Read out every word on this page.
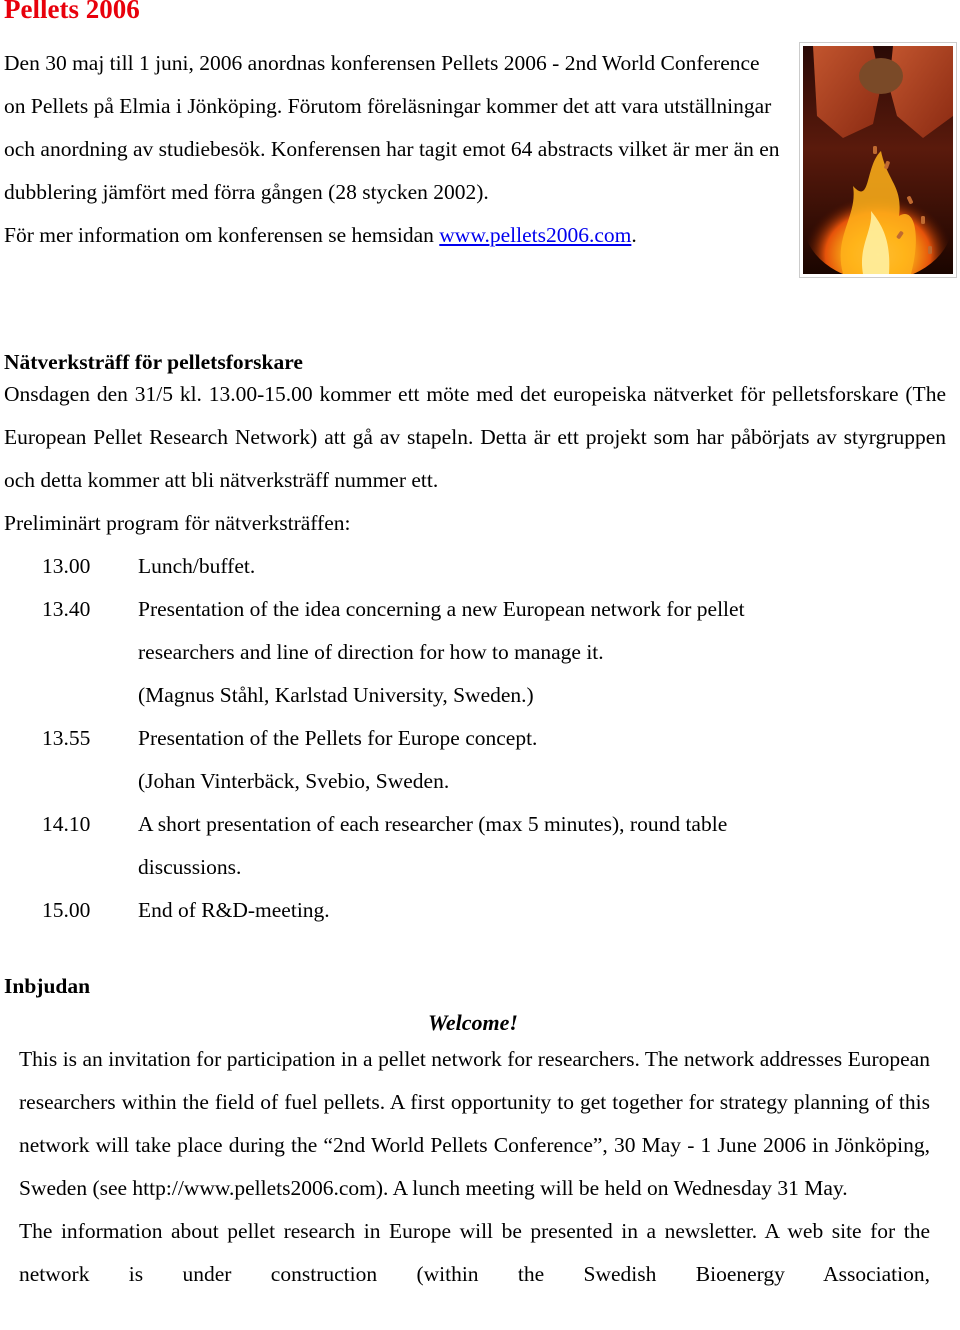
Pellets 2006

Den 30 maj till 1 juni, 2006 anordnas konferensen Pellets 2006 - 2nd World Conference on Pellets på Elmia i Jönköping. Förutom föreläsningar kommer det att vara utställningar och anordning av studiebesök. Konferensen har tagit emot 64 abstracts vilket är mer än en dubblering jämfört med förra gången (28 stycken 2002).

För mer information om konferensen se hemsidan www.pellets2006.com.

Nätverksträff för pelletsforskare

Onsdagen den 31/5 kl. 13.00-15.00 kommer ett möte med det europeiska nätverket för pelletsforskare (The European Pellet Research Network) att gå av stapeln. Detta är ett projekt som har påbörjats av styrgruppen och detta kommer att bli nätverksträff nummer ett.

Preliminärt program för nätverksträffen:

13.00	Lunch/buffet.
13.40	Presentation of the idea concerning a new European network for pellet
researchers and line of direction for how to manage it.
(Magnus Ståhl, Karlstad University, Sweden.)
13.55	Presentation of the Pellets for Europe concept.
(Johan Vinterbäck, Svebio, Sweden.
14.10	A short presentation of each researcher (max 5 minutes), round table
discussions.
15.00	End of R&D-meeting.
Inbjudan
Welcome!

This is an invitation for participation in a pellet network for researchers. The network addresses European researchers within the field of fuel pellets. A first opportunity to get together for strategy planning of this network will take place during the “2nd World Pellets Conference”, 30 May - 1 June 2006 in Jönköping, Sweden (see http://www.pellets2006.com). A lunch meeting will be held on Wednesday 31 May.

The information about pellet research in Europe will be presented in a newsletter. A web site for the network is under construction (within the Swedish Bioenergy Association,
